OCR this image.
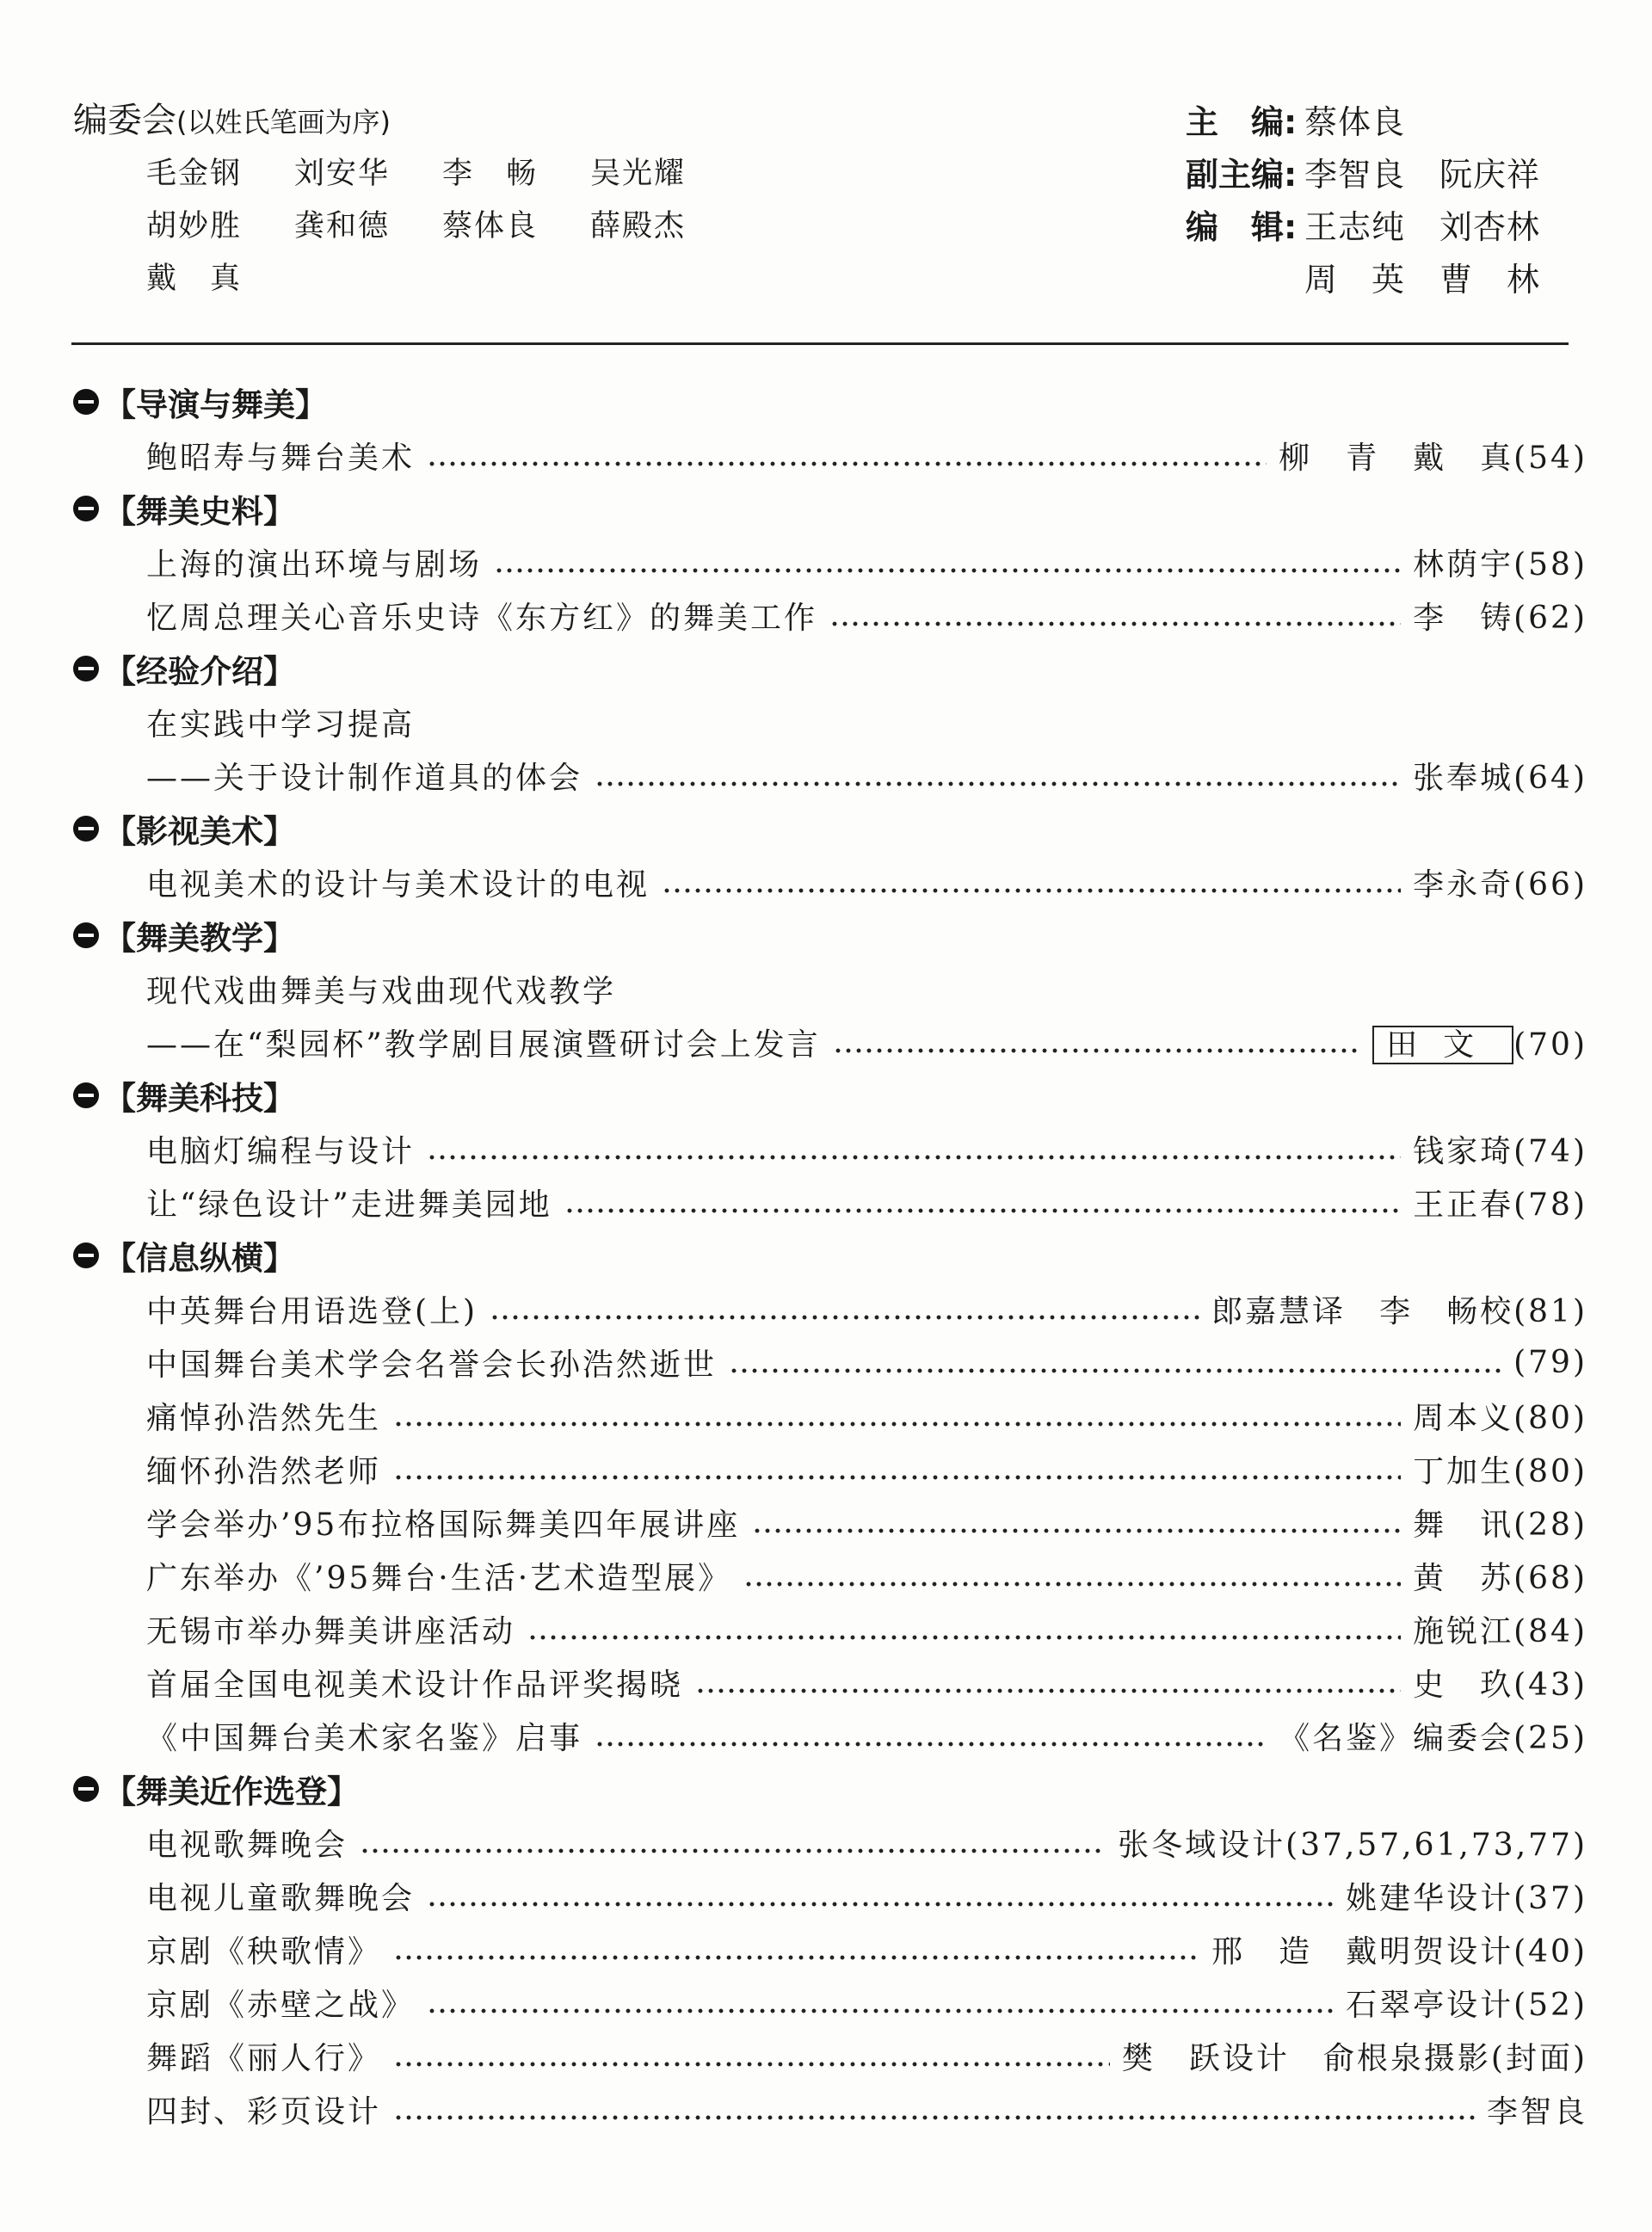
编委会(以姓氏笔画为序)
毛金钢	刘安华	李　畅	吴光耀
胡妙胜	龚和德	蔡体良	薛殿杰
戴　真
主　编: 蔡体良
副主编: 李智良 阮庆祥
编　辑: 王志纯 刘杏林
周　英 曹　林
【导演与舞美】
鲍昭寿与舞台美术	柳　青　戴　真(54)
【舞美史料】
上海的演出环境与剧场	林荫宇(58)
忆周总理关心音乐史诗《东方红》的舞美工作	李　铸(62)
【经验介绍】
在实践中学习提高
——关于设计制作道具的体会	张奉城(64)
【影视美术】
电视美术的设计与美术设计的电视	李永奇(66)
【舞美教学】
现代戏曲舞美与戏曲现代戏教学
——在“梨园杯”教学剧目展演暨研讨会上发言	田文 (70)
【舞美科技】
电脑灯编程与设计	钱家琦(74)
让“绿色设计”走进舞美园地	王正春(78)
【信息纵横】
中英舞台用语选登(上)	郎嘉慧译　李　畅校(81)
中国舞台美术学会名誉会长孙浩然逝世	(79)
痛悼孙浩然先生	周本义(80)
缅怀孙浩然老师	丁加生(80)
学会举办’95布拉格国际舞美四年展讲座	舞　讯(28)
广东举办《’95舞台·生活·艺术造型展》	黄　苏(68)
无锡市举办舞美讲座活动	施锐江(84)
首届全国电视美术设计作品评奖揭晓	史　玖(43)
《中国舞台美术家名鉴》启事	《名鉴》编委会(25)
【舞美近作选登】
电视歌舞晚会	张冬域设计(37,57,61,73,77)
电视儿童歌舞晚会	姚建华设计(37)
京剧《秧歌情》	邢　造　戴明贺设计(40)
京剧《赤壁之战》	石翠亭设计(52)
舞蹈《丽人行》	樊　跃设计　俞根泉摄影(封面)
四封、彩页设计	李智良
